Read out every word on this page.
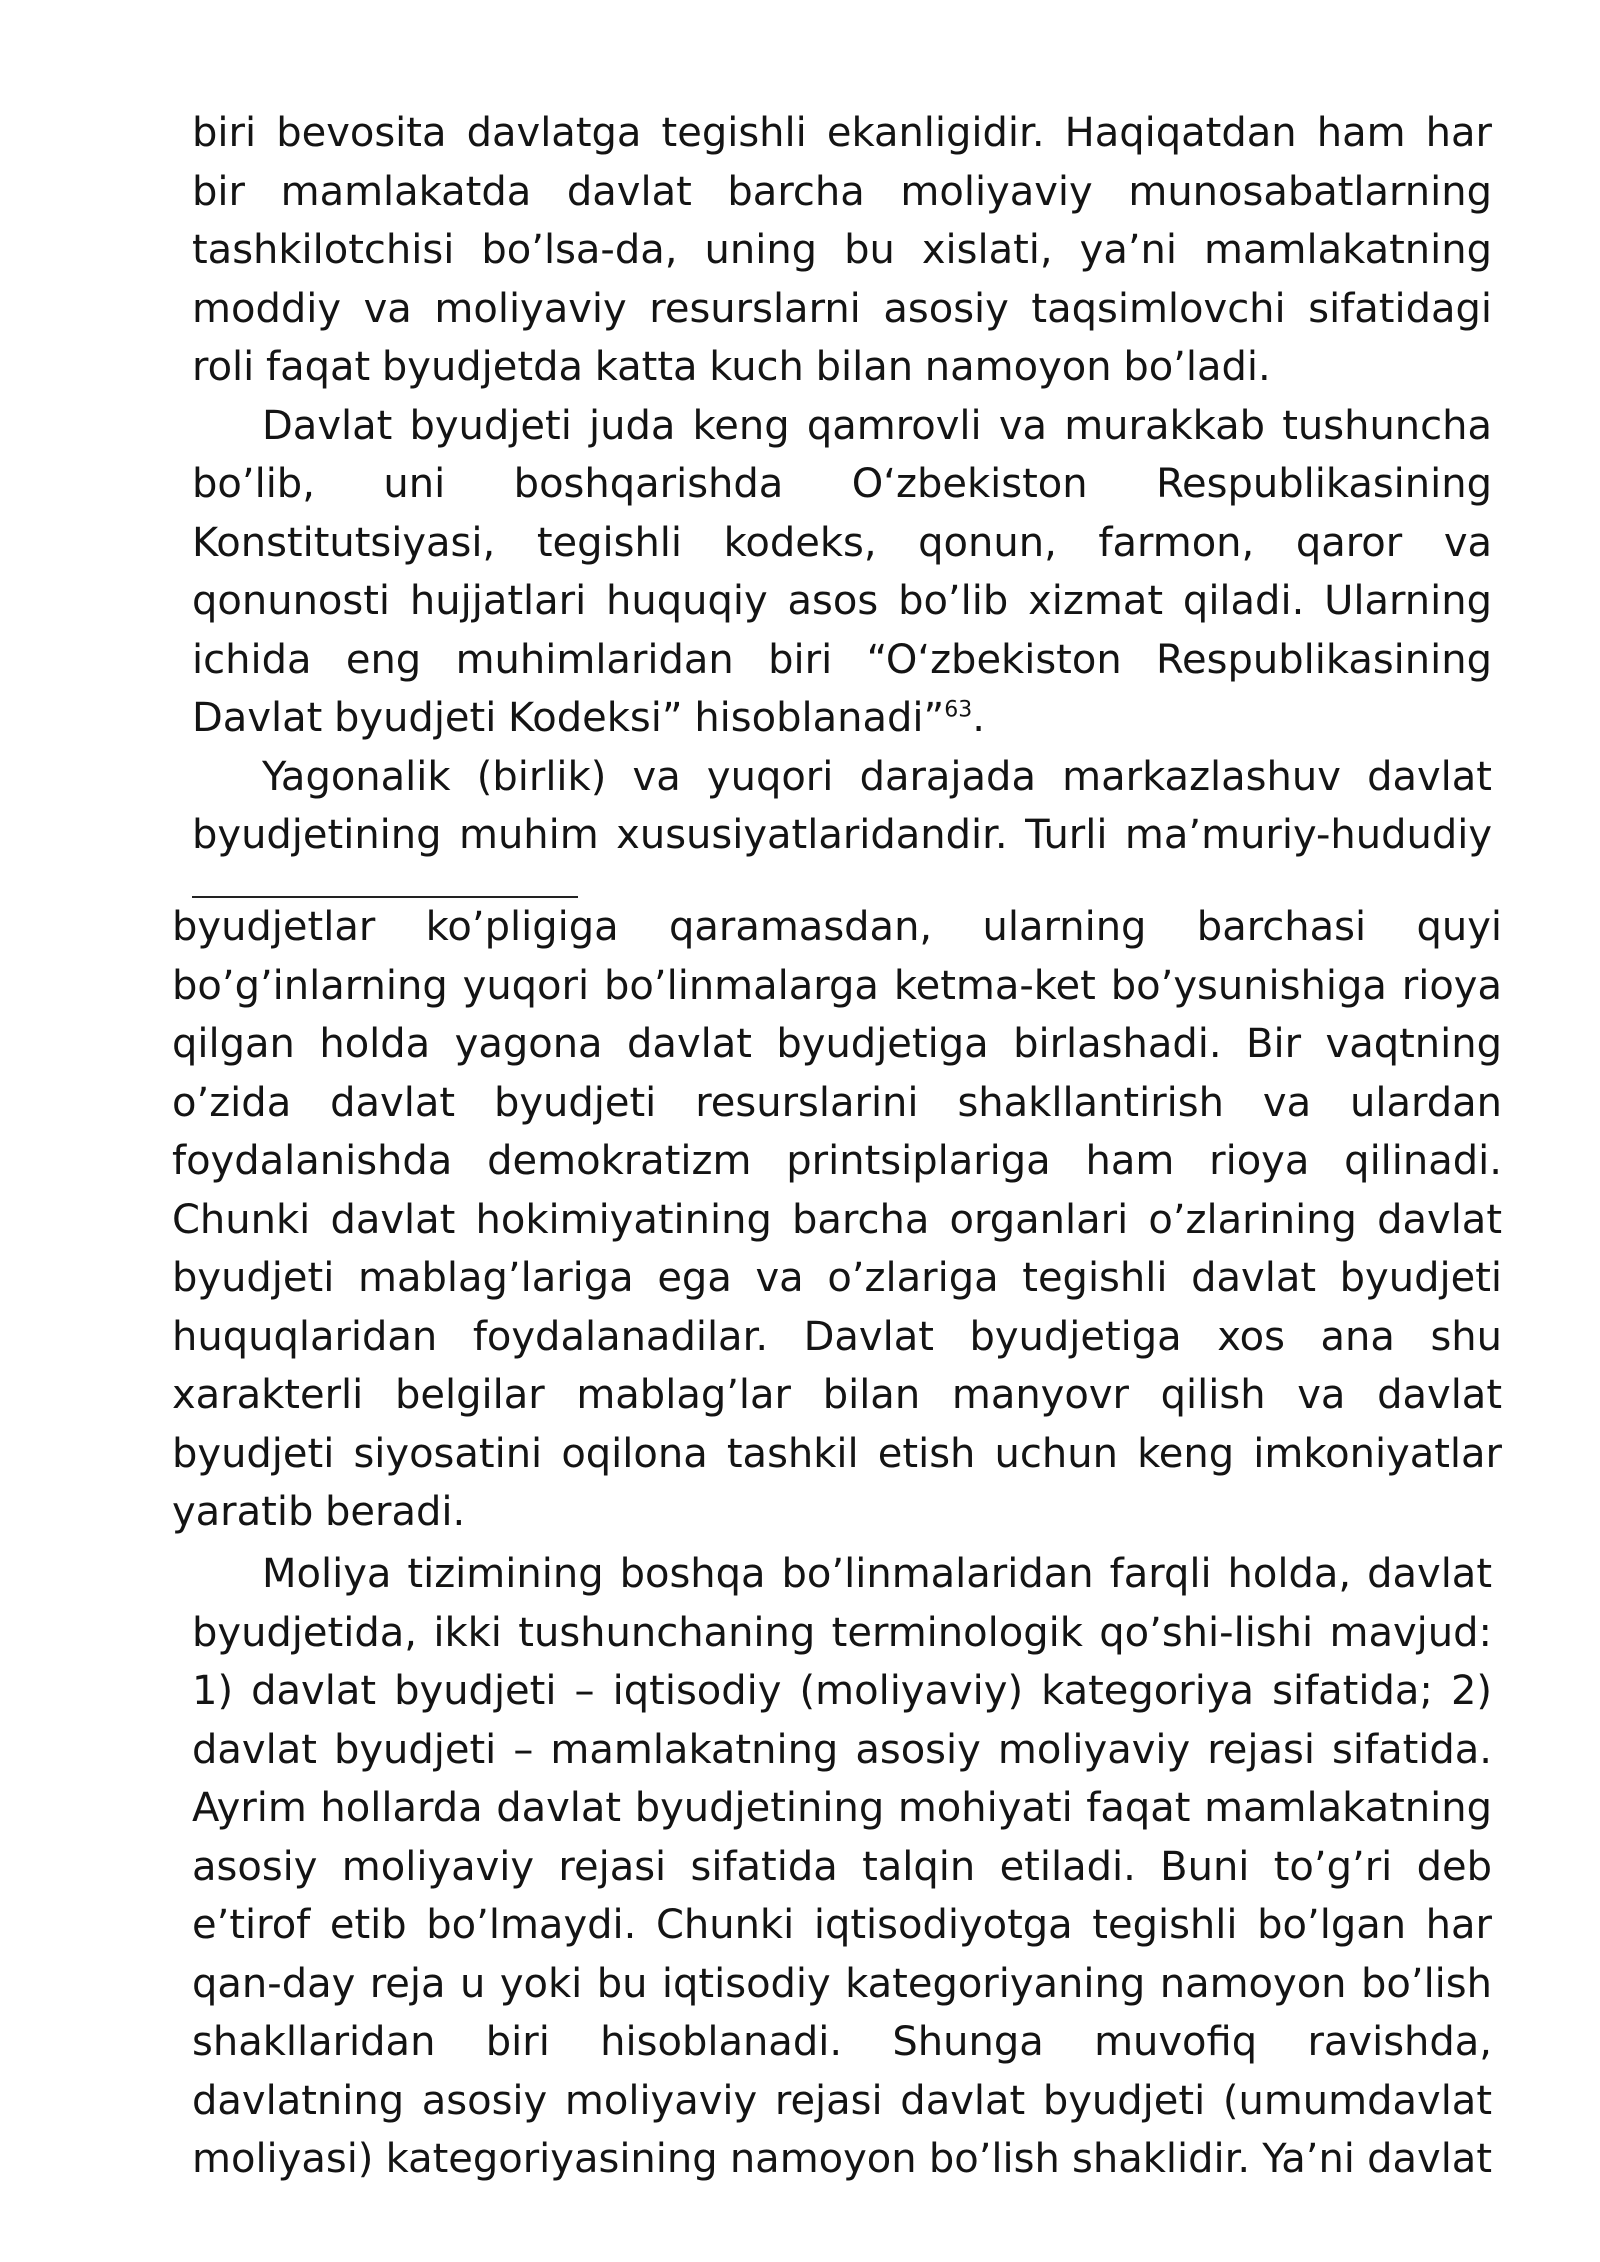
biri bevosita davlatga tegishli ekanligidir. Haqiqatdan ham har
bir mamlakatda davlat barcha moliyaviy munosabatlarning
tashkilotchisi bo’lsa-da, uning bu xislati, ya’ni mamlakatning
moddiy va moliyaviy resurslarni asosiy taqsimlovchi sifatidagi
roli faqat byudjetda katta kuch bilan namoyon bo’ladi.
Davlat byudjeti juda keng qamrovli va murakkab tushuncha
bo’lib, uni boshqarishda O‘zbekiston Respublikasining
Konstitutsiyasi, tegishli kodeks, qonun, farmon, qaror va
qonunosti hujjatlari huquqiy asos bo’lib xizmat qiladi. Ularning
ichida eng muhimlaridan biri “O‘zbekiston Respublikasining
Davlat byudjeti Kodeksi” hisoblanadi”$^{63}$.
Yagonalik (birlik) va yuqori darajada markazlashuv davlat
byudjetining muhim xususiyatlaridandir. Turli ma’muriy-hududiy
byudjetlar ko’pligiga qaramasdan, ularning barchasi quyi
bo’g’inlarning yuqori bo’linmalarga ketma-ket bo’ysunishiga rioya
qilgan holda yagona davlat byudjetiga birlashadi. Bir vaqtning
o’zida davlat byudjeti resurslarini shakllantirish va ulardan
foydalanishda demokratizm printsiplariga ham rioya qilinadi.
Chunki davlat hokimiyatining barcha organlari o’zlarining davlat
byudjeti mablag’lariga ega va o’zlariga tegishli davlat byudjeti
huquqlaridan foydalanadilar. Davlat byudjetiga xos ana shu
xarakterli belgilar mablag’lar bilan manyovr qilish va davlat
byudjeti siyosatini oqilona tashkil etish uchun keng imkoniyatlar
yaratib beradi.
Moliya tizimining boshqa bo’linmalaridan farqli holda, davlat
byudjetida, ikki tushunchaning terminologik qo’shi-lishi mavjud:
1) davlat byudjeti – iqtisodiy (moliyaviy) kategoriya sifatida; 2)
davlat byudjeti – mamlakatning asosiy moliyaviy rejasi sifatida.
Ayrim hollarda davlat byudjetining mohiyati faqat mamlakatning
asosiy moliyaviy rejasi sifatida talqin etiladi. Buni to’g’ri deb
e’tirof etib bo’lmaydi. Chunki iqtisodiyotga tegishli bo’lgan har
qan-day reja u yoki bu iqtisodiy kategoriyaning namoyon bo’lish
shakllaridan biri hisoblanadi. Shunga muvofiq ravishda,
davlatning asosiy moliyaviy rejasi davlat byudjeti (umumdavlat
moliyasi) kategoriyasining namoyon bo’lish shaklidir. Ya’ni davlat
